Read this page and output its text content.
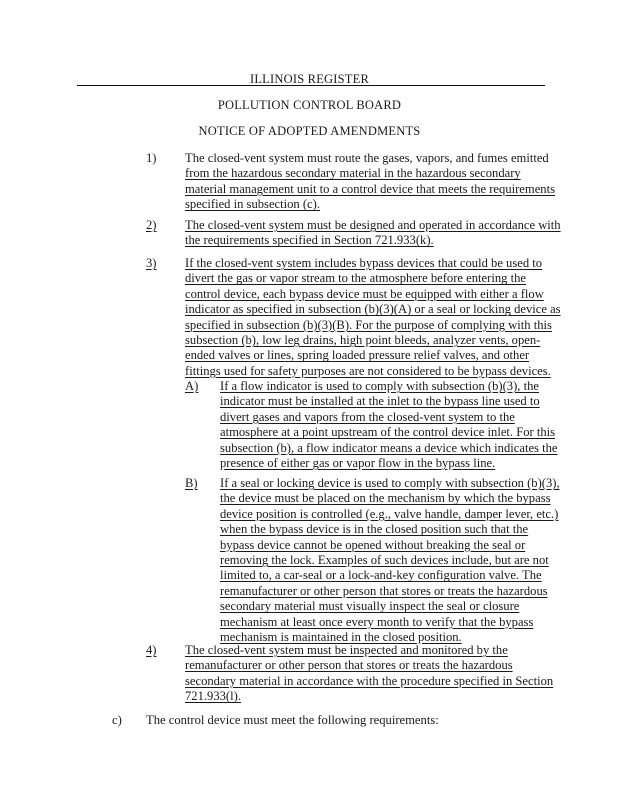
ILLINOIS REGISTER
POLLUTION CONTROL BOARD
NOTICE OF ADOPTED AMENDMENTS
1) The closed-vent system must route the gases, vapors, and fumes emitted
from the hazardous secondary material in the hazardous secondary
material management unit to a control device that meets the requirements
specified in subsection (c).
2) The closed-vent system must be designed and operated in accordance with
the requirements specified in Section 721.933(k).
3) If the closed-vent system includes bypass devices that could be used to
divert the gas or vapor stream to the atmosphere before entering the
control device, each bypass device must be equipped with either a flow
indicator as specified in subsection (b)(3)(A) or a seal or locking device as
specified in subsection (b)(3)(B). For the purpose of complying with this
subsection (b), low leg drains, high point bleeds, analyzer vents, open-
ended valves or lines, spring loaded pressure relief valves, and other
fittings used for safety purposes are not considered to be bypass devices.
A) If a flow indicator is used to comply with subsection (b)(3), the
indicator must be installed at the inlet to the bypass line used to
divert gases and vapors from the closed-vent system to the
atmosphere at a point upstream of the control device inlet. For this
subsection (b), a flow indicator means a device which indicates the
presence of either gas or vapor flow in the bypass line.
B) If a seal or locking device is used to comply with subsection (b)(3),
the device must be placed on the mechanism by which the bypass
device position is controlled (e.g., valve handle, damper lever, etc.)
when the bypass device is in the closed position such that the
bypass device cannot be opened without breaking the seal or
removing the lock. Examples of such devices include, but are not
limited to, a car-seal or a lock-and-key configuration valve. The
remanufacturer or other person that stores or treats the hazardous
secondary material must visually inspect the seal or closure
mechanism at least once every month to verify that the bypass
mechanism is maintained in the closed position.
4) The closed-vent system must be inspected and monitored by the
remanufacturer or other person that stores or treats the hazardous
secondary material in accordance with the procedure specified in Section
721.933(l).
c) The control device must meet the following requirements:
